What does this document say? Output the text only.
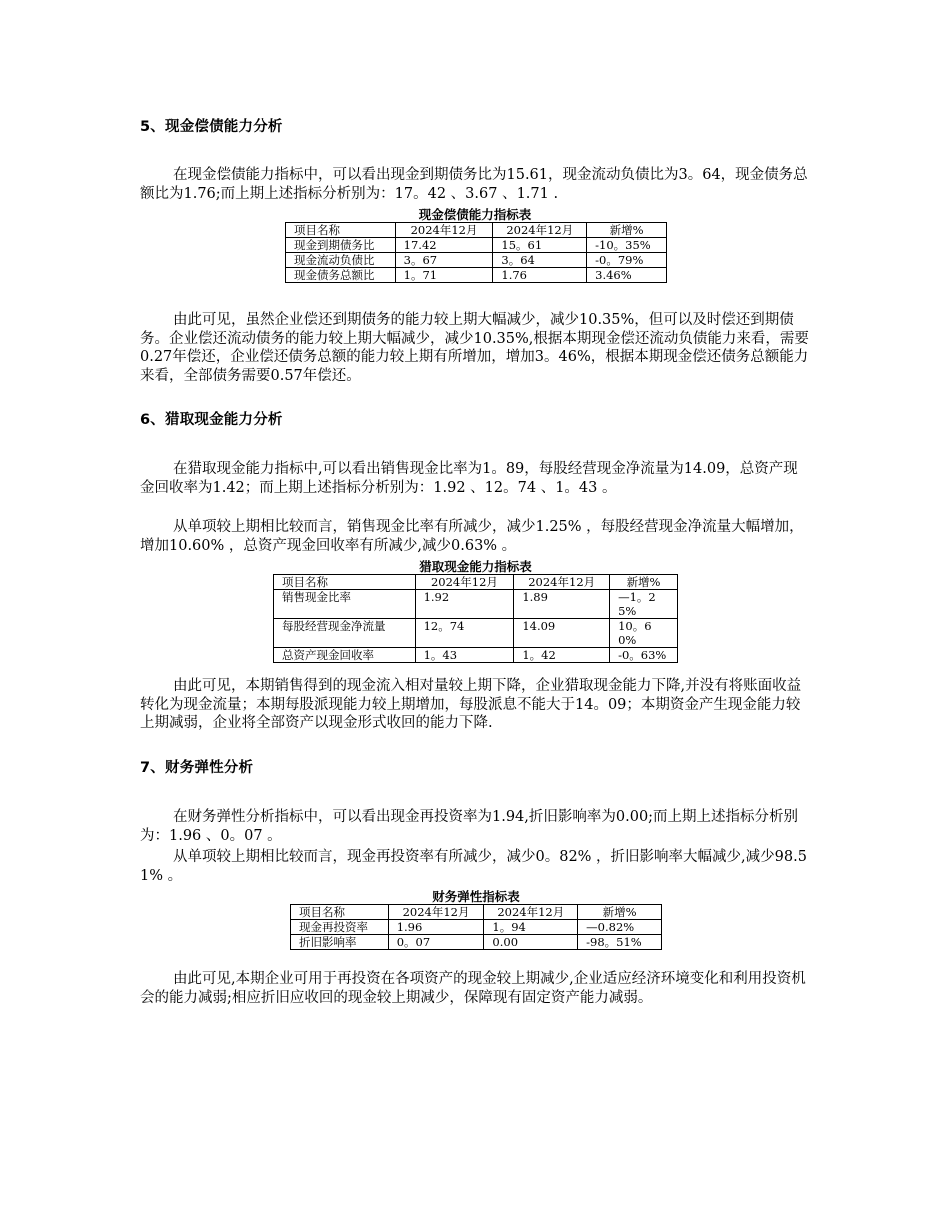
5、现金偿债能力分析

在现金偿债能力指标中，可以看出现金到期债务比为15.61，现金流动负债比为3。64，现金债务总额比为1.76;而上期上述指标分析别为：17。42 、3.67 、1.71 .

现金偿债能力指标表
项目名称	2024年12月	2024年12月	新增%
现金到期债务比	17.42	15。61	-10。35%
现金流动负债比	3。67	3。64	-0。79%
现金债务总额比	1。71	1.76	3.46%

由此可见，虽然企业偿还到期债务的能力较上期大幅减少，减少10.35%，但可以及时偿还到期债务。企业偿还流动债务的能力较上期大幅减少，减少10.35%,根据本期现金偿还流动负债能力来看，需要0.27年偿还，企业偿还债务总额的能力较上期有所增加，增加3。46%，根据本期现金偿还债务总额能力来看，全部债务需要0.57年偿还。

6、猎取现金能力分析

在猎取现金能力指标中,可以看出销售现金比率为1。89，每股经营现金净流量为14.09，总资产现金回收率为1.42；而上期上述指标分析别为：1.92 、12。74 、1。43 。

从单项较上期相比较而言，销售现金比率有所减少，减少1.25% ，每股经营现金净流量大幅增加，增加10.60% ，总资产现金回收率有所减少,减少0.63% 。

猎取现金能力指标表
项目名称	2024年12月	2024年12月	新增%
销售现金比率	1.92	1.89	—1。25%
每股经营现金净流量	12。74	14.09	10。60%
总资产现金回收率	1。43	1。42	-0。63%

由此可见，本期销售得到的现金流入相对量较上期下降，企业猎取现金能力下降,并没有将账面收益转化为现金流量；本期每股派现能力较上期增加，每股派息不能大于14。09；本期资金产生现金能力较上期减弱，企业将全部资产以现金形式收回的能力下降.

7、财务弹性分析

在财务弹性分析指标中，可以看出现金再投资率为1.94,折旧影响率为0.00;而上期上述指标分析别为：1.96 、0。07 。

从单项较上期相比较而言，现金再投资率有所减少，减少0。82% ，折旧影响率大幅减少,减少98.51% 。

财务弹性指标表
项目名称	2024年12月	2024年12月	新增%
现金再投资率	1.96	1。94	—0.82%
折旧影响率	0。07	0.00	-98。51%

由此可见,本期企业可用于再投资在各项资产的现金较上期减少,企业适应经济环境变化和利用投资机会的能力减弱;相应折旧应收回的现金较上期减少，保障现有固定资产能力减弱。
